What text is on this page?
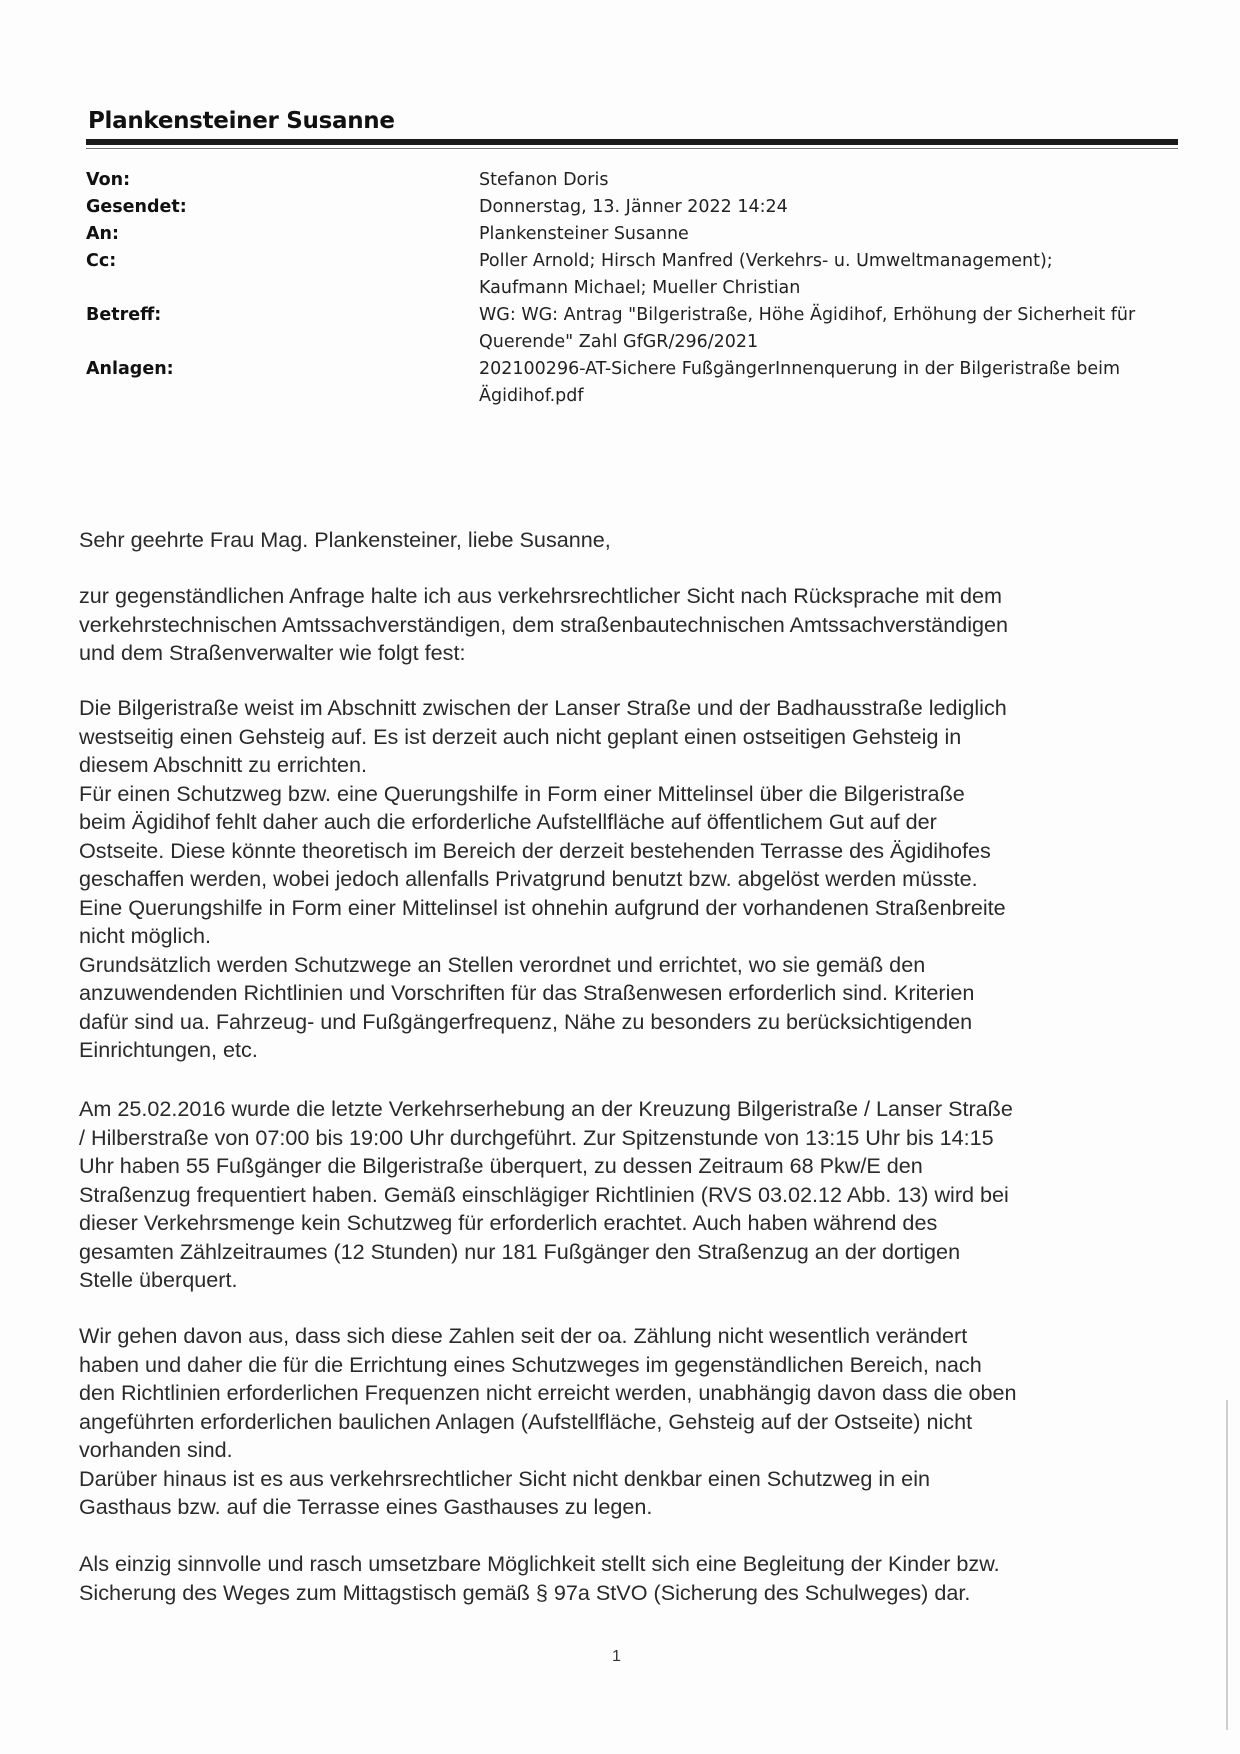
Plankensteiner Susanne
Von:	Stefanon Doris
Gesendet:	Donnerstag, 13. Jänner 2022 14:24
An:	Plankensteiner Susanne
Cc:	Poller Arnold; Hirsch Manfred (Verkehrs- u. Umweltmanagement);
Kaufmann Michael; Mueller Christian
Betreff:	WG: WG: Antrag "Bilgeristraße, Höhe Ägidihof, Erhöhung der Sicherheit für
Querende" Zahl GfGR/296/2021
Anlagen:	202100296-AT-Sichere FußgängerInnenquerung in der Bilgeristraße beim
Ägidihof.pdf
Sehr geehrte Frau Mag. Plankensteiner, liebe Susanne,
zur gegenständlichen Anfrage halte ich aus verkehrsrechtlicher Sicht nach Rücksprache mit dem
verkehrstechnischen Amtssachverständigen, dem straßenbautechnischen Amtssachverständigen
und dem Straßenverwalter wie folgt fest:
Die Bilgeristraße weist im Abschnitt zwischen der Lanser Straße und der Badhausstraße lediglich
westseitig einen Gehsteig auf. Es ist derzeit auch nicht geplant einen ostseitigen Gehsteig in
diesem Abschnitt zu errichten.
Für einen Schutzweg bzw. eine Querungshilfe in Form einer Mittelinsel über die Bilgeristraße
beim Ägidihof fehlt daher auch die erforderliche Aufstellfläche auf öffentlichem Gut auf der
Ostseite. Diese könnte theoretisch im Bereich der derzeit bestehenden Terrasse des Ägidihofes
geschaffen werden, wobei jedoch allenfalls Privatgrund benutzt bzw. abgelöst werden müsste.
Eine Querungshilfe in Form einer Mittelinsel ist ohnehin aufgrund der vorhandenen Straßenbreite
nicht möglich.
Grundsätzlich werden Schutzwege an Stellen verordnet und errichtet, wo sie gemäß den
anzuwendenden Richtlinien und Vorschriften für das Straßenwesen erforderlich sind. Kriterien
dafür sind ua. Fahrzeug- und Fußgängerfrequenz, Nähe zu besonders zu berücksichtigenden
Einrichtungen, etc.
Am 25.02.2016 wurde die letzte Verkehrserhebung an der Kreuzung Bilgeristraße / Lanser Straße
/ Hilberstraße von 07:00 bis 19:00 Uhr durchgeführt. Zur Spitzenstunde von 13:15 Uhr bis 14:15
Uhr haben 55 Fußgänger die Bilgeristraße überquert, zu dessen Zeitraum 68 Pkw/E den
Straßenzug frequentiert haben. Gemäß einschlägiger Richtlinien (RVS 03.02.12 Abb. 13) wird bei
dieser Verkehrsmenge kein Schutzweg für erforderlich erachtet. Auch haben während des
gesamten Zählzeitraumes (12 Stunden) nur 181 Fußgänger den Straßenzug an der dortigen
Stelle überquert.
Wir gehen davon aus, dass sich diese Zahlen seit der oa. Zählung nicht wesentlich verändert
haben und daher die für die Errichtung eines Schutzweges im gegenständlichen Bereich, nach
den Richtlinien erforderlichen Frequenzen nicht erreicht werden, unabhängig davon dass die oben
angeführten erforderlichen baulichen Anlagen (Aufstellfläche, Gehsteig auf der Ostseite) nicht
vorhanden sind.
Darüber hinaus ist es aus verkehrsrechtlicher Sicht nicht denkbar einen Schutzweg in ein
Gasthaus bzw. auf die Terrasse eines Gasthauses zu legen.
Als einzig sinnvolle und rasch umsetzbare Möglichkeit stellt sich eine Begleitung der Kinder bzw.
Sicherung des Weges zum Mittagstisch gemäß § 97a StVO (Sicherung des Schulweges) dar.
1
